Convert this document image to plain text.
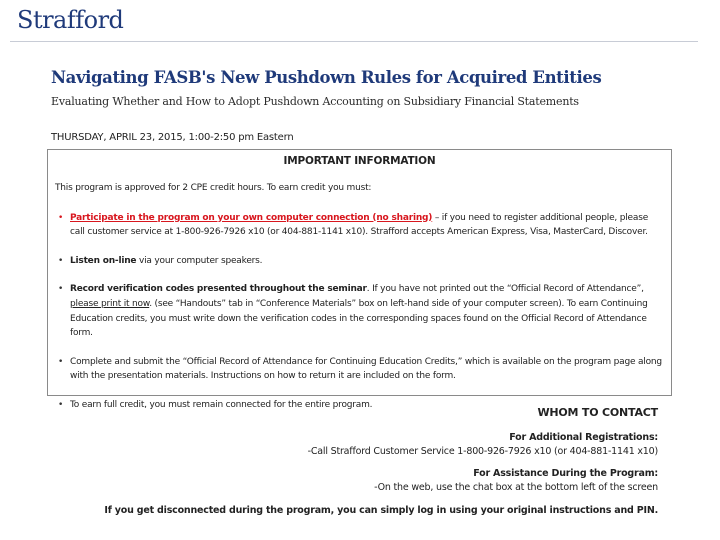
Strafford
Navigating FASB's New Pushdown Rules for Acquired Entities
Evaluating Whether and How to Adopt Pushdown Accounting on Subsidiary Financial Statements
THURSDAY, APRIL 23, 2015, 1:00-2:50 pm Eastern
IMPORTANT INFORMATION

This program is approved for 2 CPE credit hours. To earn credit you must:

• Participate in the program on your own computer connection (no sharing) – if you need to register additional people, please call customer service at 1-800-926-7926 x10 (or 404-881-1141 x10). Strafford accepts American Express, Visa, MasterCard, Discover.
• Listen on-line via your computer speakers.
• Record verification codes presented throughout the seminar. If you have not printed out the “Official Record of Attendance”, please print it now. (see “Handouts” tab in “Conference Materials” box on left-hand side of your computer screen). To earn Continuing Education credits, you must write down the verification codes in the corresponding spaces found on the Official Record of Attendance form.
• Complete and submit the “Official Record of Attendance for Continuing Education Credits,” which is available on the program page along with the presentation materials. Instructions on how to return it are included on the form.
• To earn full credit, you must remain connected for the entire program.
WHOM TO CONTACT
For Additional Registrations:
-Call Strafford Customer Service 1-800-926-7926 x10 (or 404-881-1141 x10)
For Assistance During the Program:
-On the web, use the chat box at the bottom left of the screen
If you get disconnected during the program, you can simply log in using your original instructions and PIN.
